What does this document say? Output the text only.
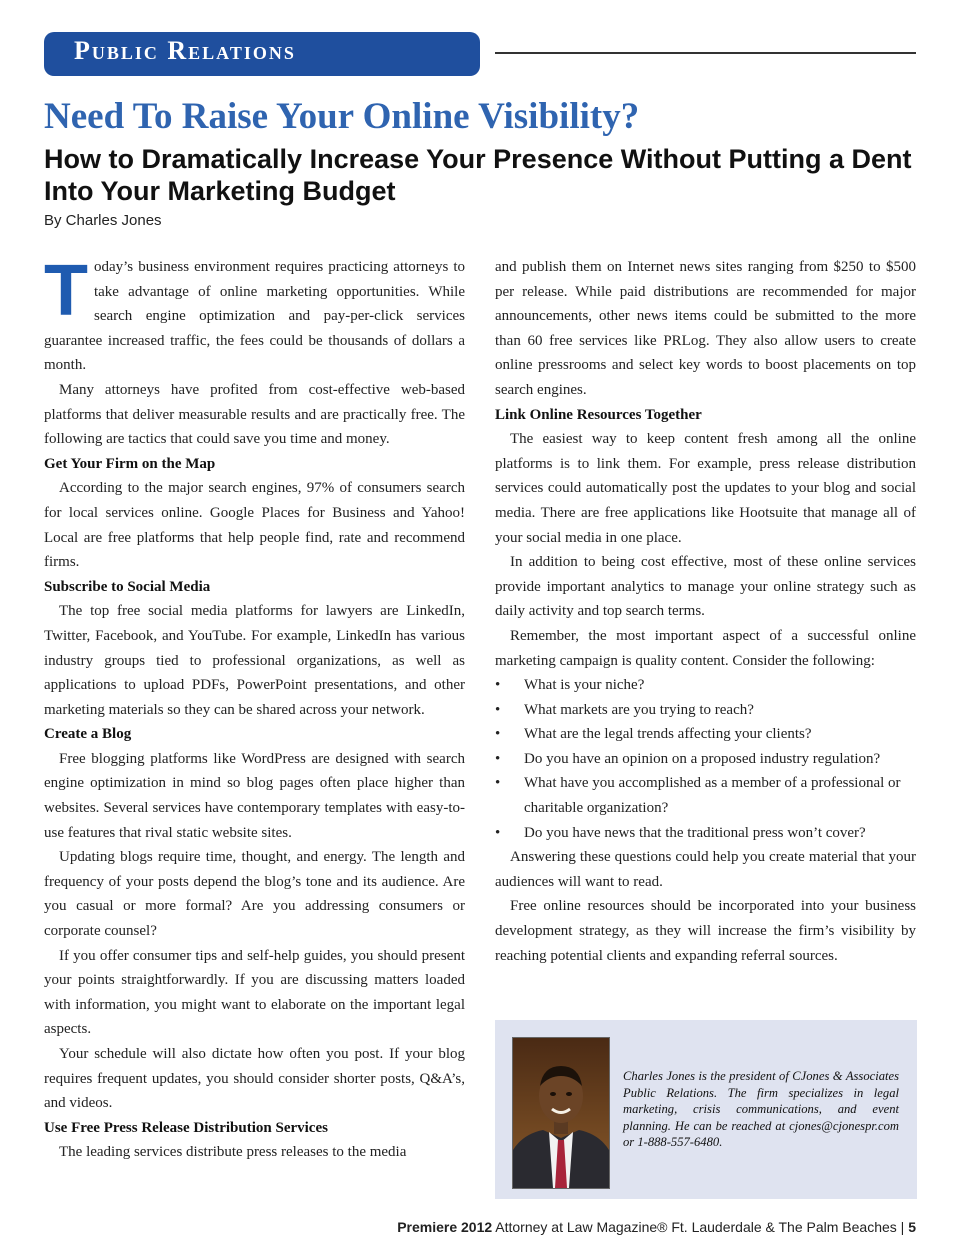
Public Relations
Need To Raise Your Online Visibility?
How to Dramatically Increase Your Presence Without Putting a Dent Into Your Marketing Budget

By Charles Jones

Today’s business environment requires practicing attorneys to take advantage of online marketing opportunities. While search engine optimization and pay-per-click services guarantee increased traffic, the fees could be thousands of dollars a month.

Many attorneys have profited from cost-effective web-based platforms that deliver measurable results and are practically free. The following are tactics that could save you time and money.

Get Your Firm on the Map

According to the major search engines, 97% of consumers search for local services online. Google Places for Business and Yahoo! Local are free platforms that help people find, rate and recommend firms.

Subscribe to Social Media

The top free social media platforms for lawyers are LinkedIn, Twitter, Facebook, and YouTube. For example, LinkedIn has various industry groups tied to professional organizations, as well as applications to upload PDFs, PowerPoint presentations, and other marketing materials so they can be shared across your network.

Create a Blog

Free blogging platforms like WordPress are designed with search engine optimization in mind so blog pages often place higher than websites. Several services have contemporary templates with easy-to-use features that rival static website sites.

Updating blogs require time, thought, and energy. The length and frequency of your posts depend the blog’s tone and its audience. Are you casual or more formal? Are you addressing consumers or corporate counsel?

If you offer consumer tips and self-help guides, you should present your points straightforwardly. If you are discussing matters loaded with information, you might want to elaborate on the important legal aspects.

Your schedule will also dictate how often you post. If your blog requires frequent updates, you should consider shorter posts, Q&A’s, and videos.

Use Free Press Release Distribution Services

The leading services distribute press releases to the media

and publish them on Internet news sites ranging from $250 to $500 per release. While paid distributions are recommended for major announcements, other news items could be submitted to the more than 60 free services like PRLog. They also allow users to create online pressrooms and select key words to boost placements on top search engines.

Link Online Resources Together

The easiest way to keep content fresh among all the online platforms is to link them. For example, press release distribution services could automatically post the updates to your blog and social media. There are free applications like Hootsuite that manage all of your social media in one place.

In addition to being cost effective, most of these online services provide important analytics to manage your online strategy such as daily activity and top search terms.

Remember, the most important aspect of a successful online marketing campaign is quality content. Consider the following:

• What is your niche?
• What markets are you trying to reach?
• What are the legal trends affecting your clients?
• Do you have an opinion on a proposed industry regulation?
• What have you accomplished as a member of a professional or charitable organization?
• Do you have news that the traditional press won’t cover?

Answering these questions could help you create material that your audiences will want to read.

Free online resources should be incorporated into your business development strategy, as they will increase the firm’s visibility by reaching potential clients and expanding referral sources.

Charles Jones is the president of CJones & Associates Public Relations. The firm specializes in legal marketing, crisis communications, and event planning. He can be reached at cjones@cjonespr.com or 1-888-557-6480.

Premiere 2012 Attorney at Law Magazine® Ft. Lauderdale & The Palm Beaches | 5
